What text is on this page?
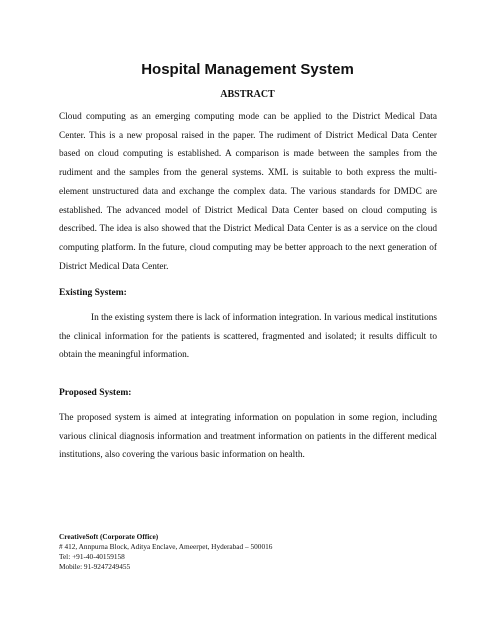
Hospital Management System
ABSTRACT

Cloud computing as an emerging computing mode can be applied to the District Medical Data Center. This is a new proposal raised in the paper. The rudiment of District Medical Data Center based on cloud computing is established. A comparison is made between the samples from the rudiment and the samples from the general systems. XML is suitable to both express the multi-element unstructured data and exchange the complex data. The various standards for DMDC are established. The advanced model of District Medical Data Center based on cloud computing is described. The idea is also showed that the District Medical Data Center is as a service on the cloud computing platform. In the future, cloud computing may be better approach to the next generation of District Medical Data Center.

Existing System:

In the existing system there is lack of information integration. In various medical institutions the clinical information for the patients is scattered, fragmented and isolated; it results difficult to obtain the meaningful information.

Proposed System:

The proposed system is aimed at integrating information on population in some region, including various clinical diagnosis information and treatment information on patients in the different medical institutions, also covering the various basic information on health.

CreativeSoft (Corporate Office)
# 412, Annpurna Block, Aditya Enclave, Ameerpet, Hyderabad – 500016
Tel: +91-40-40159158
Mobile: 91-9247249455
